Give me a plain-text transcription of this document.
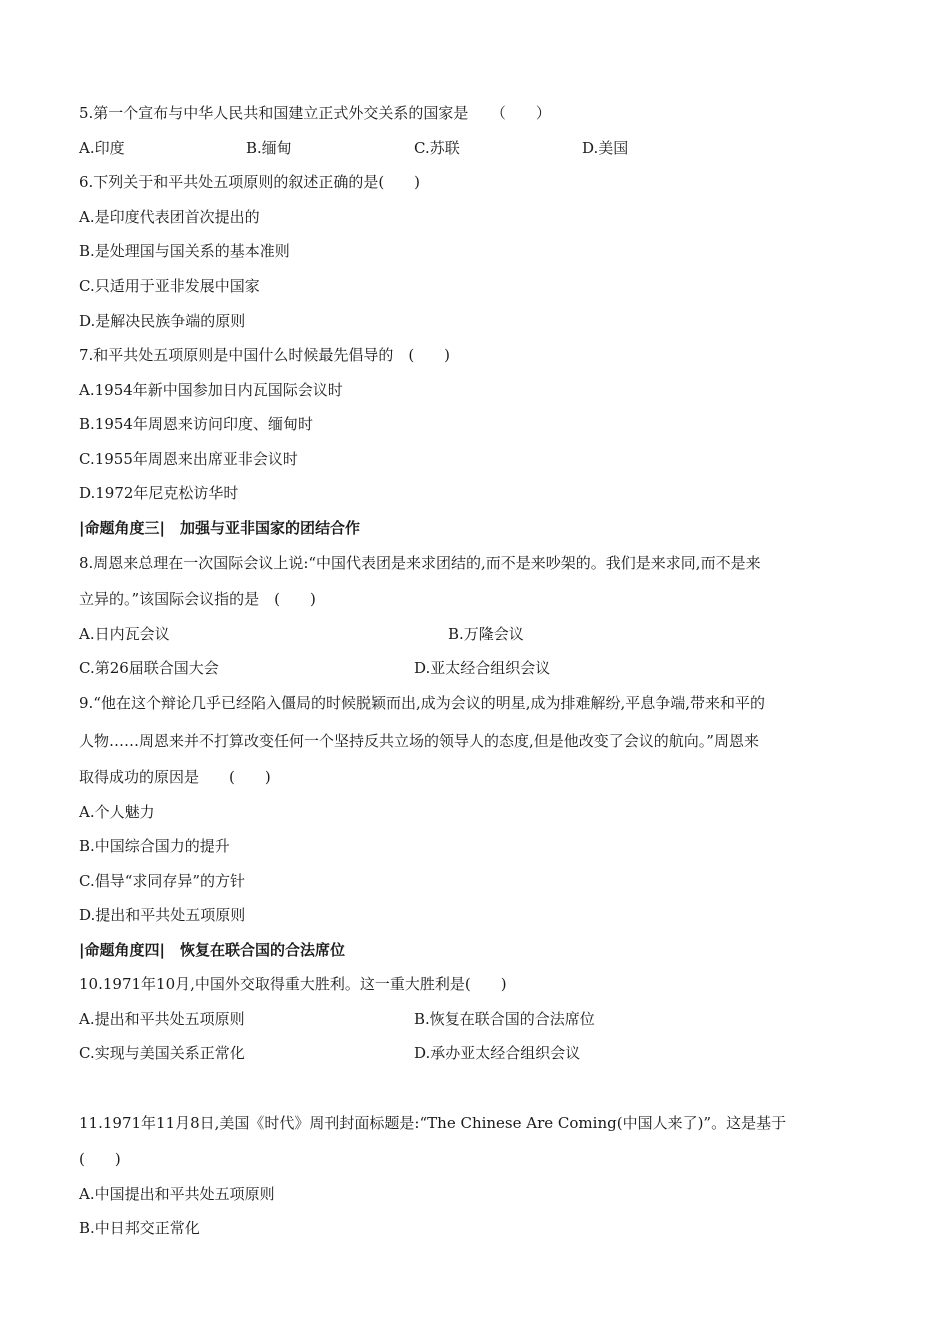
5.第一个宣布与中华人民共和国建立正式外交关系的国家是　　（　　）
A.印度	B.缅甸	C.苏联	D.美国
6.下列关于和平共处五项原则的叙述正确的是(　　)
A.是印度代表团首次提出的
B.是处理国与国关系的基本准则
C.只适用于亚非发展中国家
D.是解决民族争端的原则
7.和平共处五项原则是中国什么时候最先倡导的　(　　)
A.1954年新中国参加日内瓦国际会议时
B.1954年周恩来访问印度、缅甸时
C.1955年周恩来出席亚非会议时
D.1972年尼克松访华时
|命题角度三|　加强与亚非国家的团结合作
8.周恩来总理在一次国际会议上说:“中国代表团是来求团结的,而不是来吵架的。我们是来求同,而不是来
立异的。”该国际会议指的是　(　　)
A.日内瓦会议	B.万隆会议
C.第26届联合国大会	D.亚太经合组织会议
9.“他在这个辩论几乎已经陷入僵局的时候脱颖而出,成为会议的明星,成为排难解纷,平息争端,带来和平的
人物……周恩来并不打算改变任何一个坚持反共立场的领导人的态度,但是他改变了会议的航向。”周恩来
取得成功的原因是　　(　　)
A.个人魅力
B.中国综合国力的提升
C.倡导“求同存异”的方针
D.提出和平共处五项原则
|命题角度四|　恢复在联合国的合法席位
10.1971年10月,中国外交取得重大胜利。这一重大胜利是(　　)
A.提出和平共处五项原则	B.恢复在联合国的合法席位
C.实现与美国关系正常化	D.承办亚太经合组织会议
11.1971年11月8日,美国《时代》周刊封面标题是:“The Chinese Are Coming(中国人来了)”。这是基于
(　　)
A.中国提出和平共处五项原则
B.中日邦交正常化
